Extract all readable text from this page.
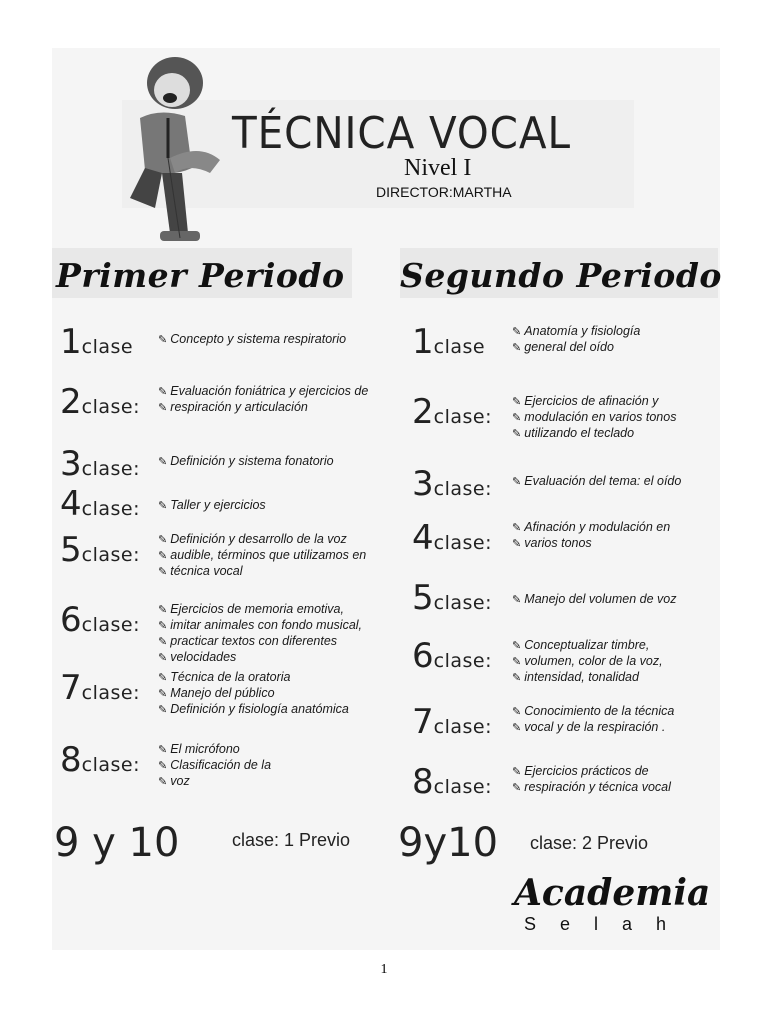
TÉCNICA VOCAL
Nivel I
DIRECTOR:MARTHA
Primer Periodo Segundo Periodo
1clase ✎ Concepto y sistema respiratorio
2clase:
✎ Evaluación foniátrica y ejercicios de
✎ respiración y articulación
3clase: ✎ Definición y sistema fonatorio
4clase: ✎ Taller y ejercicios
5clase:
✎ Definición y desarrollo de la voz
✎ audible, términos que utilizamos en
✎ técnica vocal
6clase:
✎ Ejercicios de memoria emotiva,
✎ imitar animales con fondo musical,
✎ practicar textos con diferentes
✎ velocidades
7clase:
✎ Técnica de la oratoria
✎ Manejo del público
✎ Definición y fisiología anatómica
8clase:
✎ El micrófono
✎ Clasificación de la
✎ voz
1clase
✎ Anatomía y fisiología
✎ general del oído
2clase:
✎ Ejercicios de afinación y
✎ modulación en varios tonos
✎ utilizando el teclado
3clase: ✎ Evaluación del tema: el oído
4clase:
✎ Afinación y modulación en
✎ varios tonos
5clase: ✎ Manejo del volumen de voz
6clase:
✎ Conceptualizar timbre,
✎ volumen, color de la voz,
✎ intensidad, tonalidad
7clase:
✎ Conocimiento de la técnica
✎ vocal y de la respiración .
8clase:
✎ Ejercicios prácticos de
✎ respiración y técnica vocal
9 y 10	clase: 1 Previo 9y10 clase: 2 Previo
Academia
Selah
1
